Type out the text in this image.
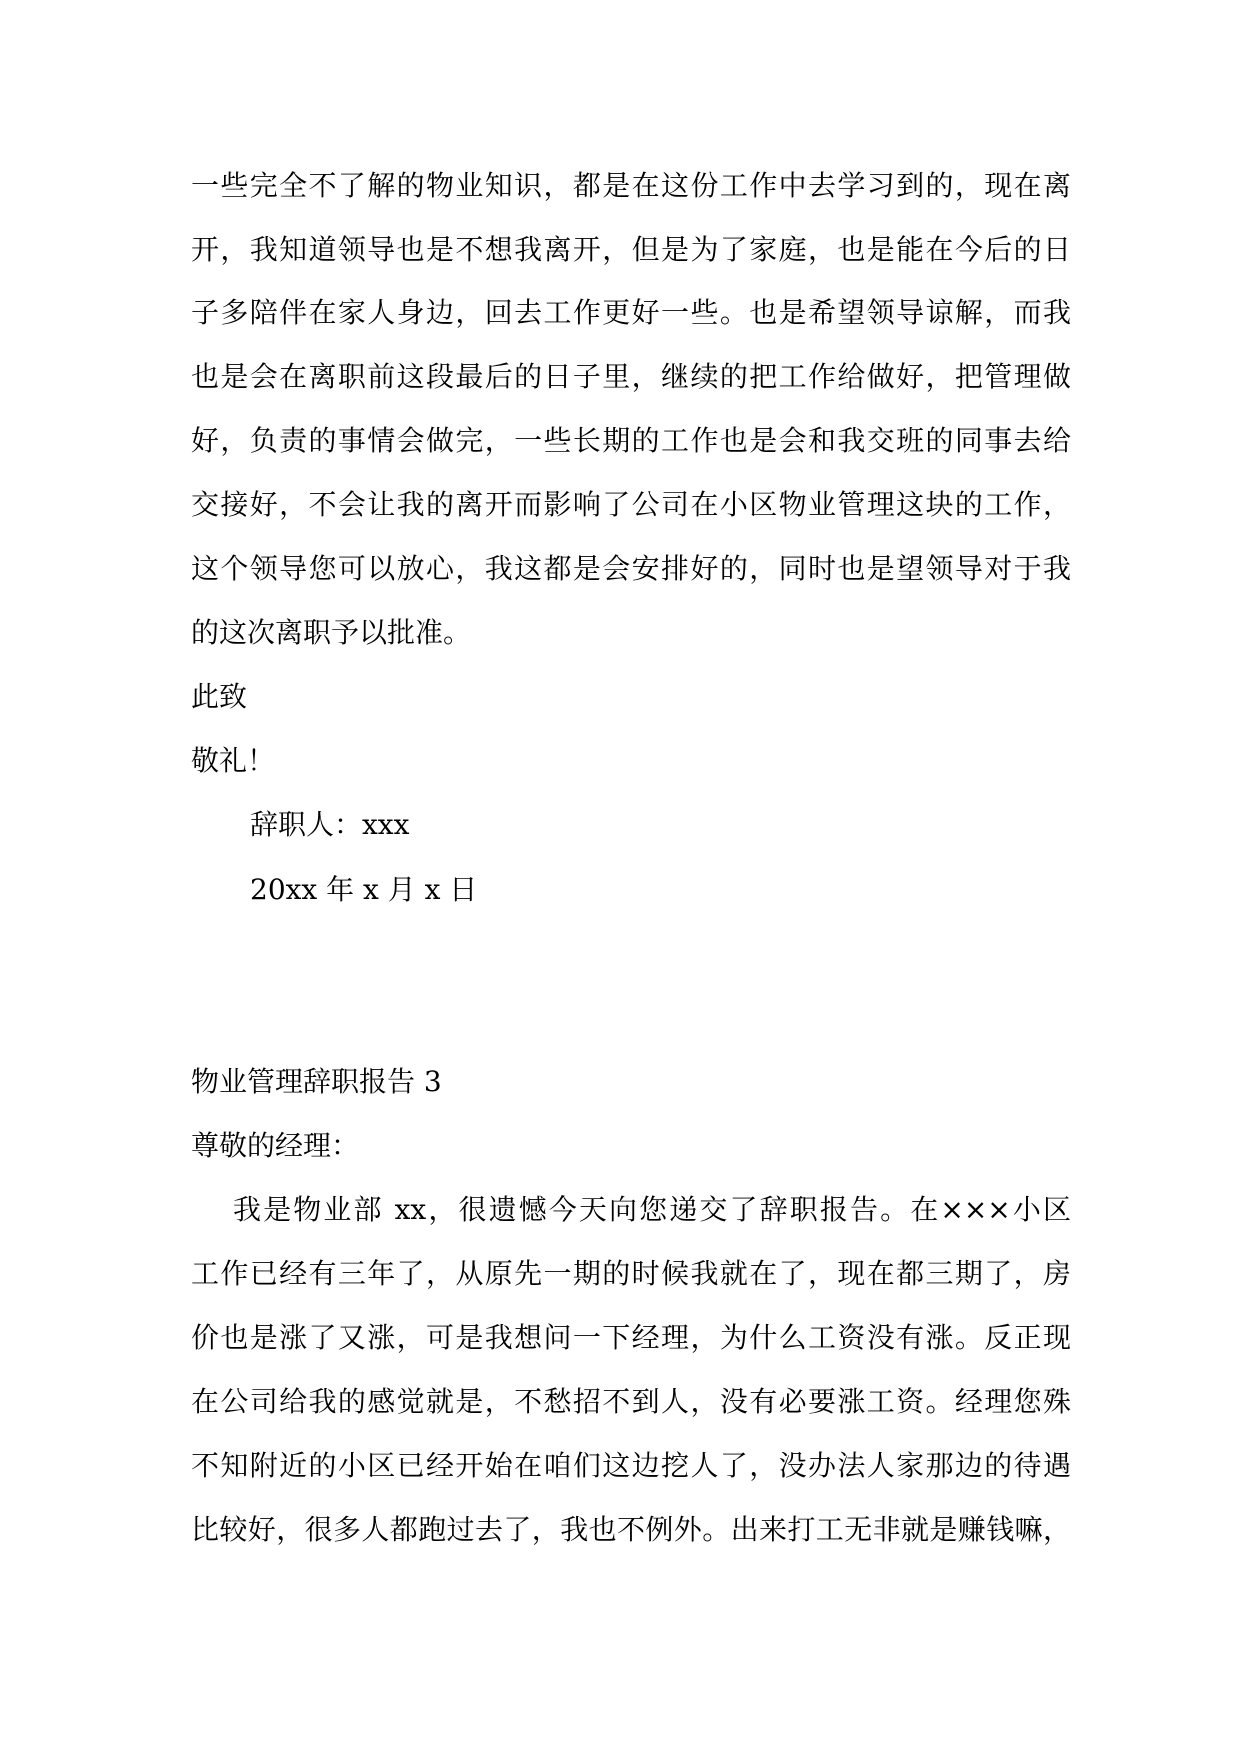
一些完全不了解的物业知识，都是在这份工作中去学习到的，现在离
开，我知道领导也是不想我离开，但是为了家庭，也是能在今后的日
子多陪伴在家人身边，回去工作更好一些。也是希望领导谅解，而我
也是会在离职前这段最后的日子里，继续的把工作给做好，把管理做
好，负责的事情会做完，一些长期的工作也是会和我交班的同事去给
交接好，不会让我的离开而影响了公司在小区物业管理这块的工作，
这个领导您可以放心，我这都是会安排好的，同时也是望领导对于我
的这次离职予以批准。
此致
敬礼！
辞职人：xxx
20xx 年 x 月 x 日
物业管理辞职报告 3
尊敬的经理：
我是物业部 xx，很遗憾今天向您递交了辞职报告。在×××小区
工作已经有三年了，从原先一期的时候我就在了，现在都三期了，房
价也是涨了又涨，可是我想问一下经理，为什么工资没有涨。反正现
在公司给我的感觉就是，不愁招不到人，没有必要涨工资。经理您殊
不知附近的小区已经开始在咱们这边挖人了，没办法人家那边的待遇
比较好，很多人都跑过去了，我也不例外。出来打工无非就是赚钱嘛，
